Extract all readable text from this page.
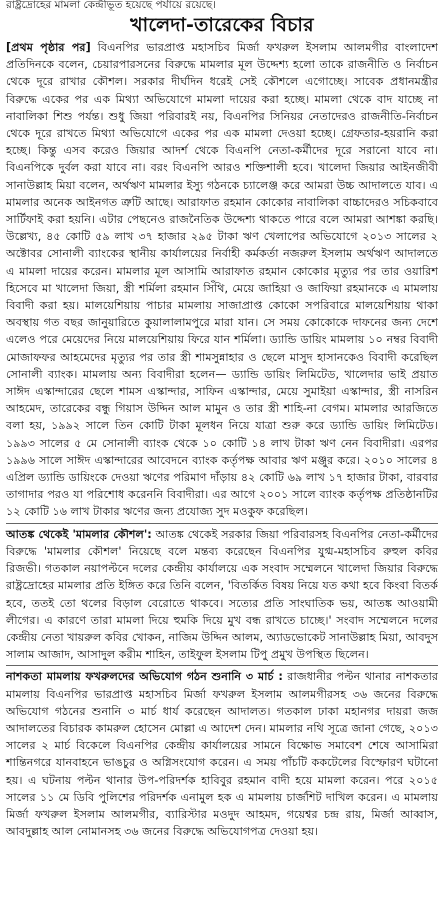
রাষ্ট্রদ্রোহের মামলা কেন্দ্রীভূত হয়েছে পর্যায়ে রয়েছে।
খালেদা-তারেকের বিচার

[প্রথম পৃষ্ঠার পর] বিএনপির ভারপ্রাপ্ত মহাসচিব মির্জা ফখরুল ইসলাম আলমগীর বাংলাদেশ প্রতিদিনকে বলেন, চেয়ারপারসনের বিরুদ্ধে মামলার মূল উদ্দেশ্য হলো তাকে রাজনীতি ও নির্বাচন থেকে দূরে রাখার কৌশল। সরকার দীর্ঘদিন ধরেই সেই কৌশলে এগোচ্ছে। সাবেক প্রধানমন্ত্রীর বিরুদ্ধে একের পর এক মিথ্যা অভিযোগে মামলা দায়ের করা হচ্ছে। মামলা থেকে বাদ যাচ্ছে না নাবালিকা শিশু পর্যন্ত। শুধু জিয়া পরিবারই নয়, বিএনপির সিনিয়র নেতাদেরও রাজনীতি-নির্বাচন থেকে দূরে রাখতে মিথ্যা অভিযোগে একের পর এক মামলা দেওয়া হচ্ছে। গ্রেফতার-হয়রানি করা হচ্ছে। কিন্তু এসব করেও জিয়ার আদর্শ থেকে বিএনপি নেতা-কর্মীদের দূরে সরানো যাবে না। বিএনপিকে দুর্বল করা যাবে না। বরং বিএনপি আরও শক্তিশালী হবে। খালেদা জিয়ার আইনজীবী সানাউল্লাহ মিয়া বলেন, অর্থঋণ মামলার ইস্যু গঠনকে চ্যালেঞ্জ করে আমরা উচ্চ আদালতে যাব। এ মামলার অনেক আইনগত ত্রুটি আছে। আরাফাত রহমান কোকোর নাবালিকা বাচ্চাদেরও সচিকবাবে সার্টিফাই করা হয়নি। এটার পেছনেও রাজনৈতিক উদ্দেশ্য থাকতে পারে বলে আমরা আশঙ্কা করছি। উল্লেখ্য, ৪৫ কোটি ৫৯ লাখ ৩৭ হাজার ২৯৫ টাকা ঋণ খেলাপের অভিযোগে ২০১৩ সালের ২ অক্টোবর সোনালী ব্যাংকের স্থানীয় কার্যালয়ের নির্বাহী কর্মকর্তা নজরুল ইসলাম অর্থঋণ আদালতে এ মামলা দায়ের করেন। মামলার মূল আসামি আরাফাত রহমান কোকোর মৃত্যুর পর তার ওয়ারিশ হিসেবে মা খালেদা জিয়া, স্ত্রী শর্মিলা রহমান সিঁথি, মেয়ে জাহিয়া ও জাফিয়া রহমানকে এ মামলায় বিবাদী করা হয়। মালয়েশিয়ায় পাচার মামলায় সাজাপ্রাপ্ত কোকো সপরিবারে মালয়েশিয়ায় থাকা অবস্থায় গত বছর জানুয়ারিতে কুয়ালালামপুরে মারা যান। সে সময় কোকোকে দাফনের জন্য দেশে এলেও পরে মেয়েদের নিয়ে মালয়েশিয়ায় ফিরে যান শর্মিলা। ড্যান্ডি ডায়িং মামলায় ১০ নম্বর বিবাদী মোজাফফর আহমেদের মৃত্যুর পর তার স্ত্রী শামসুন্নাহার ও ছেলে মাসুদ হাসানকেও বিবাদী করেছিল সোনালী ব্যাংক। মামলায় অন্য বিবাদীরা হলেন— ড্যান্ডি ডায়িং লিমিটেড, খালেদার ভাই প্রয়াত সাঈদ এস্কান্দারের ছেলে শামস এস্কান্দার, সাফিন এস্কান্দার, মেয়ে সুমাইয়া এস্কান্দার, স্ত্রী নাসরিন আহমেদ, তারেকের বন্ধু গিয়াস উদ্দিন আল মামুন ও তার স্ত্রী শাহি-না বেগম। মামলার আরজিতে বলা হয়, ১৯৯২ সালে তিন কোটি টাকা মূলধন নিয়ে যাত্রা শুরু করে ড্যান্ডি ডায়িং লিমিটেড। ১৯৯৩ সালের ৫ মে সোনালী ব্যাংক থেকে ১০ কোটি ১৪ লাখ টাকা ঋণ নেন বিবাদীরা। এরপর ১৯৯৬ সালে সাঈদ এস্কান্দারের আবেদনে ব্যাংক কর্তৃপক্ষ আবার ঋণ মঞ্জুর করে। ২০১০ সালের ৪ এপ্রিল ড্যান্ডি ডায়িংকে দেওয়া ঋণের পরিমাণ দাঁড়ায় ৪২ কোটি ৬৯ লাখ ১৭ হাজার টাকা, বারবার তাগাদার পরও যা পরিশোধ করেননি বিবাদীরা। এর আগে ২০০১ সালে ব্যাংক কর্তৃপক্ষ প্রতিষ্ঠানটির ১২ কোটি ১৬ লাখ টাকার ঋণের জন্য প্রযোজ্য সুদ মওকুফ করেছিল।

আতঙ্ক থেকেই 'মামলার কৌশল': আতঙ্ক থেকেই সরকার জিয়া পরিবারসহ বিএনপির নেতা-কর্মীদের বিরুদ্ধে 'মামলার কৌশল' নিয়েছে বলে মন্তব্য করেছেন বিএনপির যুগ্ম-মহাসচিব রুহুল কবির রিজভী। গতকাল নয়াপল্টনে দলের কেন্দ্রীয় কার্যালয়ে এক সংবাদ সম্মেলনে খালেদা জিয়ার বিরুদ্ধে রাষ্ট্রদ্রোহের মামলার প্রতি ইঙ্গিত করে তিনি বলেন, 'বিতর্কিত বিষয় নিয়ে যত কথা হবে কিংবা বিতর্ক হবে, ততই তো থলের বিড়াল বেরোতে থাকবে। সত্যের প্রতি সাংঘাতিক ভয়, আতঙ্ক আওয়ামী লীগের। এ কারণে তারা মামলা দিয়ে হুমকি দিয়ে মুখ বন্ধ রাখতে চাচ্ছে।' সংবাদ সম্মেলনে দলের কেন্দ্রীয় নেতা খায়রুল কবির খোকন, নাজিম উদ্দিন আলম, অ্যাডভোকেট সানাউল্লাহ মিয়া, আবদুস সালাম আজাদ, আসাদুল করীম শাহিন, তাইফুল ইসলাম টিপু প্রমুখ উপস্থিত ছিলেন।

নাশকতা মামলায় ফখরুলদের অভিযোগ গঠন শুনানি ৩ মার্চ : রাজধানীর পল্টন থানার নাশকতার মামলায় বিএনপির ভারপ্রাপ্ত মহাসচিব মির্জা ফখরুল ইসলাম আলমগীরসহ ৩৬ জনের বিরুদ্ধে অভিযোগ গঠনের শুনানি ৩ মার্চ ধার্য করেছেন আদালত। গতকাল ঢাকা মহানগর দায়রা জজ আদালতের বিচারক কামরুল হোসেন মোল্লা এ আদেশ দেন। মামলার নথি সূত্রে জানা গেছে, ২০১৩ সালের ২ মার্চ বিকেলে বিএনপির কেন্দ্রীয় কার্যালয়ের সামনে বিক্ষোভ সমাবেশ শেষে আসামিরা শান্তিনগরে যানবাহনে ভাঙচুর ও অগ্নিসংযোগ করেন। এ সময় পাঁচটি ককটেলের বিস্ফোরণ ঘটানো হয়। এ ঘটনায় পল্টন থানার উপ-পরিদর্শক হাবিবুর রহমান বাদী হয়ে মামলা করেন। পরে ২০১৫ সালের ১১ মে ডিবি পুলিশের পরিদর্শক এনামুল হক এ মামলায় চার্জশিট দাখিল করেন। এ মামলায় মির্জা ফখরুল ইসলাম আলমগীর, ব্যারিস্টার মওদুদ আহমদ, গয়েশ্বর চন্দ্র রায়, মির্জা আব্বাস, আবদুল্লাহ আল নোমানসহ ৩৬ জনের বিরুদ্ধে অভিযোগপত্র দেওয়া হয়।
